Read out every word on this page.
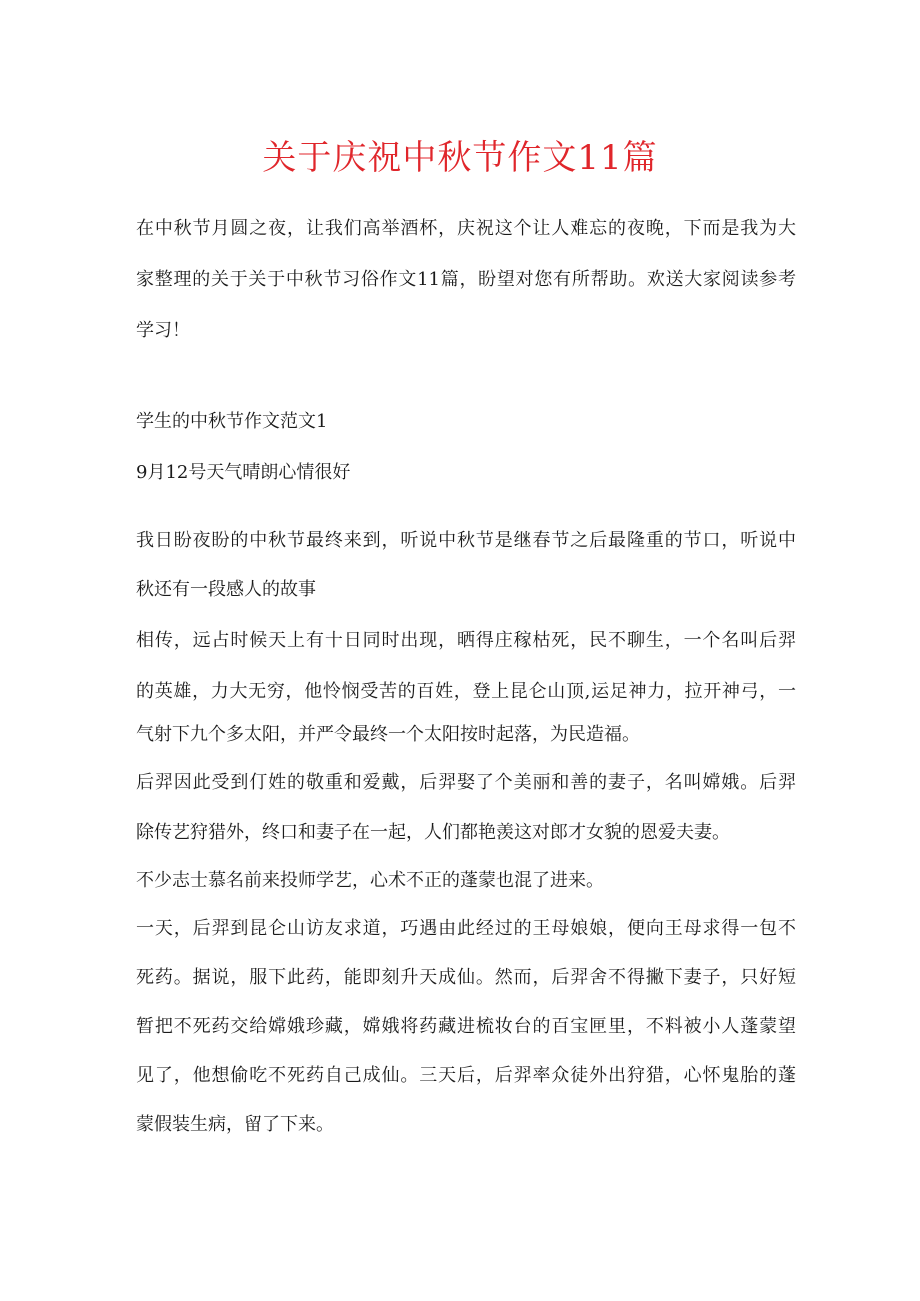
关于庆祝中秋节作文11篇
在中秋节月圆之夜，让我们高举酒杯，庆祝这个让人难忘的夜晚，下而是我为大
家整理的关于关于中秋节习俗作文11篇，盼望对您有所帮助。欢送大家阅读参考
学习！
学生的中秋节作文范文1
9月12号天气晴朗心情很好
我日盼夜盼的中秋节最终来到，听说中秋节是继春节之后最隆重的节口，听说中
秋还有一段感人的故事
相传，远占时候天上有十日同时出现，晒得庄稼枯死，民不聊生，一个名叫后羿
的英雄，力大无穷，他怜悯受苦的百姓，登上昆仑山顶,运足神力，拉开神弓，一
气射下九个多太阳，并严令最终一个太阳按时起落，为民造福。
后羿因此受到仃姓的敬重和爱戴，后羿娶了个美丽和善的妻子，名叫嫦娥。后羿
除传艺狩猎外，终口和妻子在一起，人们都艳羡这对郎才女貌的恩爱夫妻。
不少志士慕名前来投师学艺，心术不正的蓬蒙也混了进来。
一天，后羿到昆仑山访友求道，巧遇由此经过的王母娘娘，便向王母求得一包不
死药。据说，服下此药，能即刻升天成仙。然而，后羿舍不得撇下妻子，只好短
暂把不死药交给嫦娥珍藏，嫦娥将药藏进梳妆台的百宝匣里，不料被小人蓬蒙望
见了，他想偷吃不死药自己成仙。三天后，后羿率众徒外出狩猎，心怀鬼胎的蓬
蒙假装生病，留了下来。
